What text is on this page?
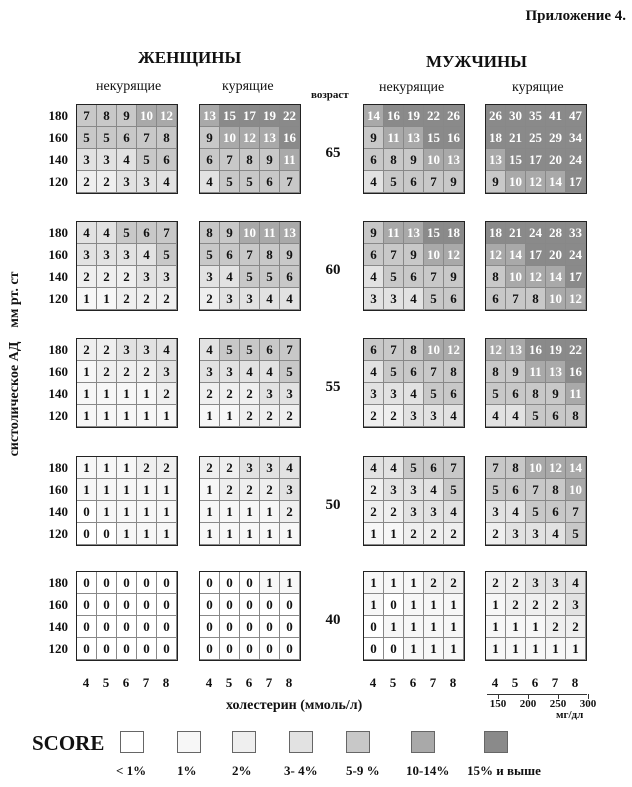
Приложение 4.
ЖЕНЩИНЫ	МУЖЧИНЫ
некурящие	курящие
возраст некурящие	курящие
систолическое АД    мм рт. ст
180
160
140
120
65
7	8	9 10 12
5	5	6	7	8
3	3	4	5	6
2	2	3	3	4
13 15 17 19 22
9 10 12 13 16
6	7	8	9 11
4	5	5	6	7
14 16 19 22 26
9 11 13 15 16
6	8	9 10 13
4	5	6	7	9
26 30 35 41 47
18 21 25 29 34
13 15 17 20 24
9 10 12 14 17
180
160
140
120
60
4	4	5	6	7
3	3	3	4	5
2	2	2	3	3
1	1	2	2	2
8	9 10 11 13
5	6	7	8	9
3	4	5	5	6
2	3	3	4	4
9 11 13 15 18
6	7	9 10 12
4	5	6	7	9
3	3	4	5	6
18 21 24 28 33
12 14 17 20 24
8 10 12 14 17
6	7	8 10 12
180
160
140
120
55
2	2	3	3	4
1	2	2	2	3
1	1	1	1	2
1	1	1	1	1
4	5	5	6	7
3	3	4	4	5
2	2	2	3	3
1	1	2	2	2
6	7	8 10 12
4	5	6	7	8
3	3	4	5	6
2	2	3	3	4
12 13 16 19 22
8	9 11 13 16
5	6	8	9 11
4	4	5	6	8
180
160
140
120
50
1	1	1	2	2
1	1	1	1	1
0	1	1	1	1
0	0	1	1	1
2	2	3	3	4
1	2	2	2	3
1	1	1	1	2
1	1	1	1	1
4	4	5	6	7
2	3	3	4	5
2	2	3	3	4
1	1	2	2	2
7	8 10 12 14
5	6	7	8 10
3	4	5	6	7
2	3	3	4	5
180
160
140
120
40
0	0	0	0	0
0	0	0	0	0
0	0	0	0	0
0	0	0	0	0
0	0	0	1	1
0	0	0	0	0
0	0	0	0	0
0	0	0	0	0
1	1	1	2	2
1	0	1	1	1
0	1	1	1	1
0	0	1	1	1
2	2	3	3	4
1	2	2	2	3
1	1	1	2	2
1	1	1	1	1
4	5	6	7	8	4	5	6	7	8	4	5	6	7	8	4	5	6	7	8
150	200	250	300
холестерин (ммоль/л)
мг/дл
SCORE
< 1% 1%	2%	3- 4% 5-9 % 10-14% 15% и выше
